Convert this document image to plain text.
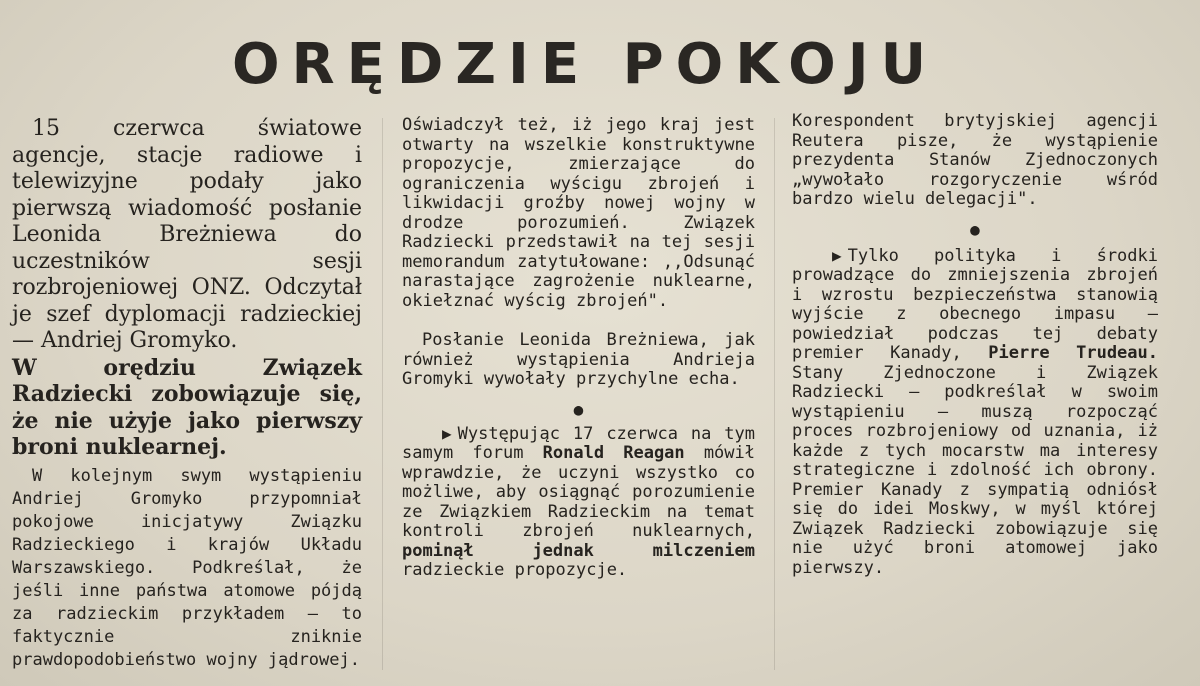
ORĘDZIE POKOJU

15 czerwca światowe agencje, stacje radiowe i telewizyjne podały jako pierwszą wiadomość posłanie Leonida Breżniewa do uczestników sesji rozbrojeniowej ONZ. Odczytał je szef dyplomacji radzieckiej — Andriej Gromyko.

W orędziu Związek Radziecki zobowiązuje się, że nie użyje jako pierwszy broni nuklearnej.

W kolejnym swym wystąpieniu Andriej Gromyko przypomniał pokojowe inicjatywy Związku Radzieckiego i krajów Układu Warszawskiego. Podkreślał, że jeśli inne państwa atomowe pójdą za radzieckim przykładem — to faktycznie zniknie prawdopodobieństwo wojny jądrowej.

Oświadczył też, iż jego kraj jest otwarty na wszelkie konstruktywne propozycje, zmierzające do ograniczenia wyścigu zbrojeń i likwidacji groźby nowej wojny w drodze porozumień. Związek Radziecki przedstawił na tej sesji memorandum zatytułowane: ,,Odsunąć narastające zagrożenie nuklearne, okiełznać wyścig zbrojeń".

Posłanie Leonida Breżniewa, jak również wystąpienia Andrieja Gromyki wywołały przychylne echa.

●

▶ Występując 17 czerwca na tym samym forum Ronald Reagan mówił wprawdzie, że uczyni wszystko co możliwe, aby osiągnąć porozumienie ze Związkiem Radzieckim na temat kontroli zbrojeń nuklearnych, pominął jednak milczeniem radzieckie propozycje.

Korespondent brytyjskiej agencji Reutera pisze, że wystąpienie prezydenta Stanów Zjednoczonych „wywołało rozgoryczenie wśród bardzo wielu delegacji".

●

▶ Tylko polityka i środki prowadzące do zmniejszenia zbrojeń i wzrostu bezpieczeństwa stanowią wyjście z obecnego impasu — powiedział podczas tej debaty premier Kanady, Pierre Trudeau. Stany Zjednoczone i Związek Radziecki — podkreślał w swoim wystąpieniu — muszą rozpocząć proces rozbrojeniowy od uznania, iż każde z tych mocarstw ma interesy strategiczne i zdolność ich obrony. Premier Kanady z sympatią odniósł się do idei Moskwy, w myśl której Związek Radziecki zobowiązuje się nie użyć broni atomowej jako pierwszy.
